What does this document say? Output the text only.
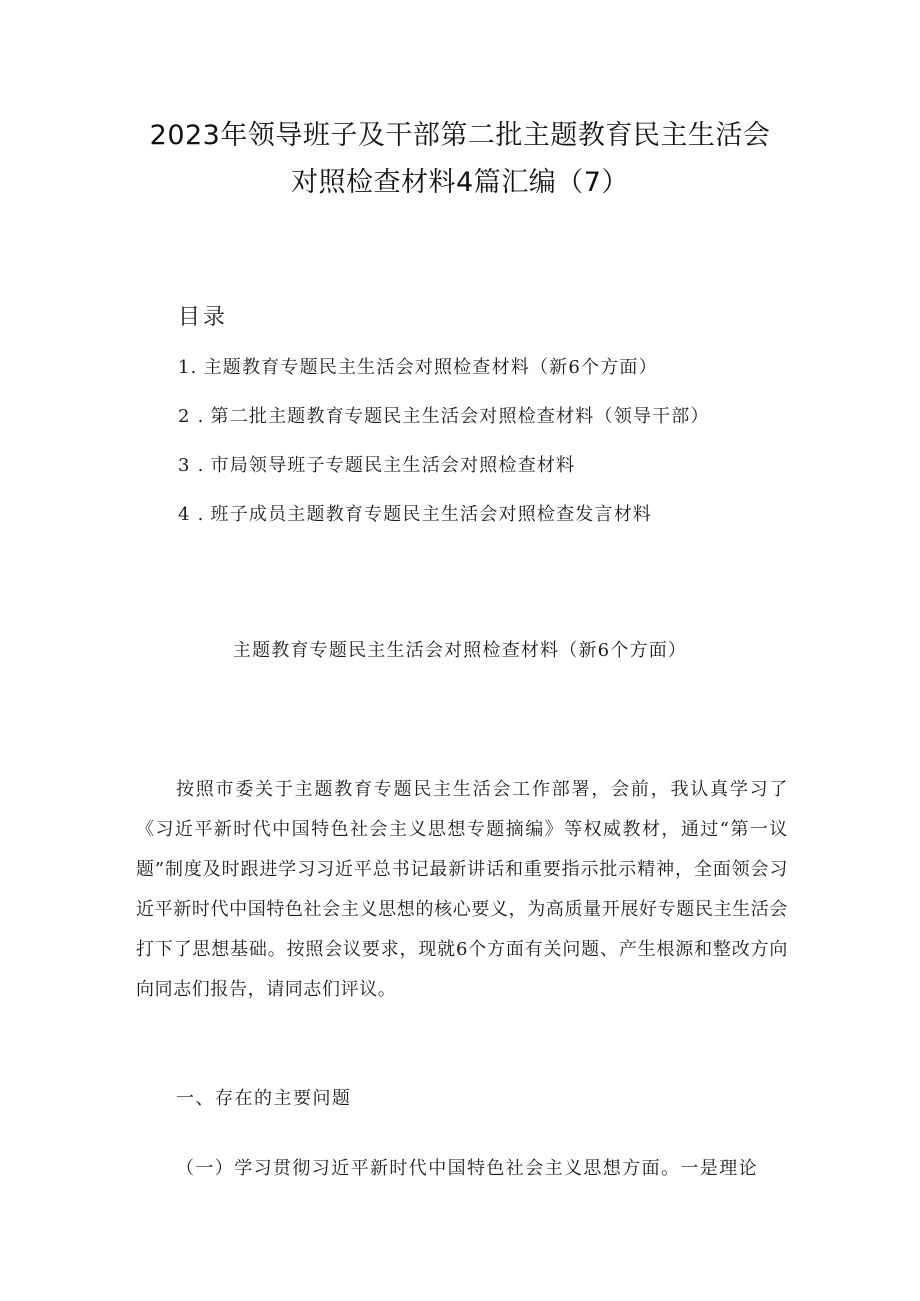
2023年领导班子及干部第二批主题教育民主生活会
对照检查材料4篇汇编（7）
目录
1. 主题教育专题民主生活会对照检查材料（新6个方面）
2 . 第二批主题教育专题民主生活会对照检查材料（领导干部）
3 . 市局领导班子专题民主生活会对照检查材料
4 . 班子成员主题教育专题民主生活会对照检查发言材料
主题教育专题民主生活会对照检查材料（新6个方面）
按照市委关于主题教育专题民主生活会工作部署，会前，我认真学习了《习近平新时代中国特色社会主义思想专题摘编》等权威教材，通过“第一议题”制度及时跟进学习习近平总书记最新讲话和重要指示批示精神，全面领会习近平新时代中国特色社会主义思想的核心要义，为高质量开展好专题民主生活会打下了思想基础。按照会议要求，现就6个方面有关问题、产生根源和整改方向向同志们报告，请同志们评议。
一、存在的主要问题
（一）学习贯彻习近平新时代中国特色社会主义思想方面。一是理论
